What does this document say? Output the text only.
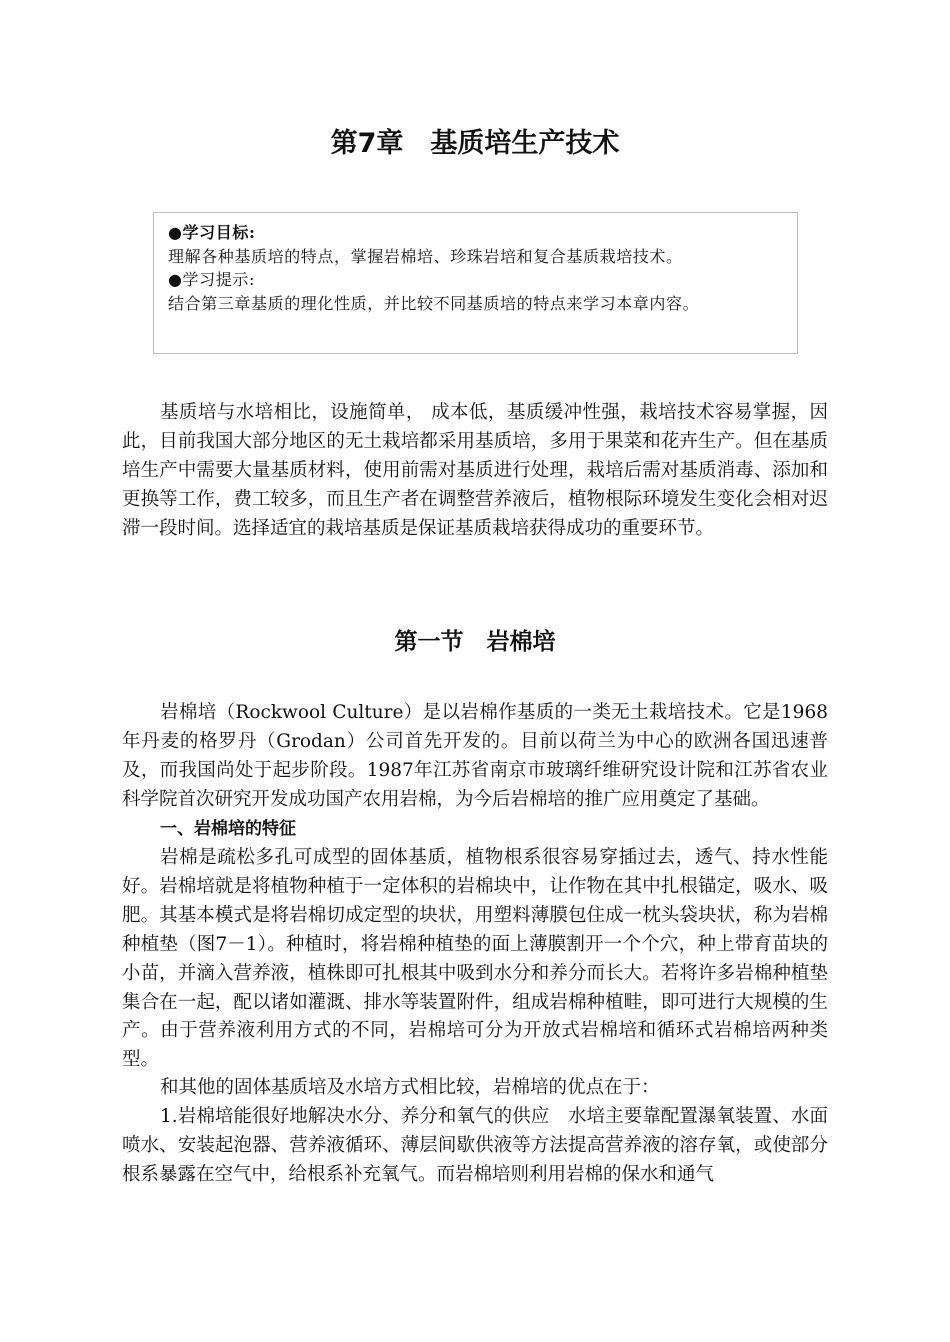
第7章　基质培生产技术
●学习目标:
理解各种基质培的特点，掌握岩棉培、珍珠岩培和复合基质栽培技术。
●学习提示:
结合第三章基质的理化性质，并比较不同基质培的特点来学习本章内容。

基质培与水培相比，设施简单， 成本低，基质缓冲性强，栽培技术容易掌握，因此，目前我国大部分地区的无土栽培都采用基质培，多用于果菜和花卉生产。但在基质培生产中需要大量基质材料，使用前需对基质进行处理，栽培后需对基质消毒、添加和更换等工作，费工较多，而且生产者在调整营养液后，植物根际环境发生变化会相对迟滞一段时间。选择适宜的栽培基质是保证基质栽培获得成功的重要环节。

第一节　岩棉培

岩棉培（Rockwool Culture）是以岩棉作基质的一类无土栽培技术。它是1968年丹麦的格罗丹（Grodan）公司首先开发的。目前以荷兰为中心的欧洲各国迅速普及，而我国尚处于起步阶段。1987年江苏省南京市玻璃纤维研究设计院和江苏省农业科学院首次研究开发成功国产农用岩棉，为今后岩棉培的推广应用奠定了基础。

一、岩棉培的特征

岩棉是疏松多孔可成型的固体基质，植物根系很容易穿插过去，透气、持水性能好。岩棉培就是将植物种植于一定体积的岩棉块中，让作物在其中扎根锚定，吸水、吸肥。其基本模式是将岩棉切成定型的块状，用塑料薄膜包住成一枕头袋块状，称为岩棉种植垫（图7－1）。种植时，将岩棉种植垫的面上薄膜割开一个个穴，种上带育苗块的小苗，并滴入营养液，植株即可扎根其中吸到水分和养分而长大。若将许多岩棉种植垫集合在一起，配以诸如灌溉、排水等装置附件，组成岩棉种植畦，即可进行大规模的生产。由于营养液利用方式的不同，岩棉培可分为开放式岩棉培和循环式岩棉培两种类型。

和其他的固体基质培及水培方式相比较，岩棉培的优点在于：

1.岩棉培能很好地解决水分、养分和氧气的供应　水培主要靠配置瀑氧装置、水面喷水、安装起泡器、营养液循环、薄层间歇供液等方法提高营养液的溶存氧，或使部分根系暴露在空气中，给根系补充氧气。而岩棉培则利用岩棉的保水和通气
